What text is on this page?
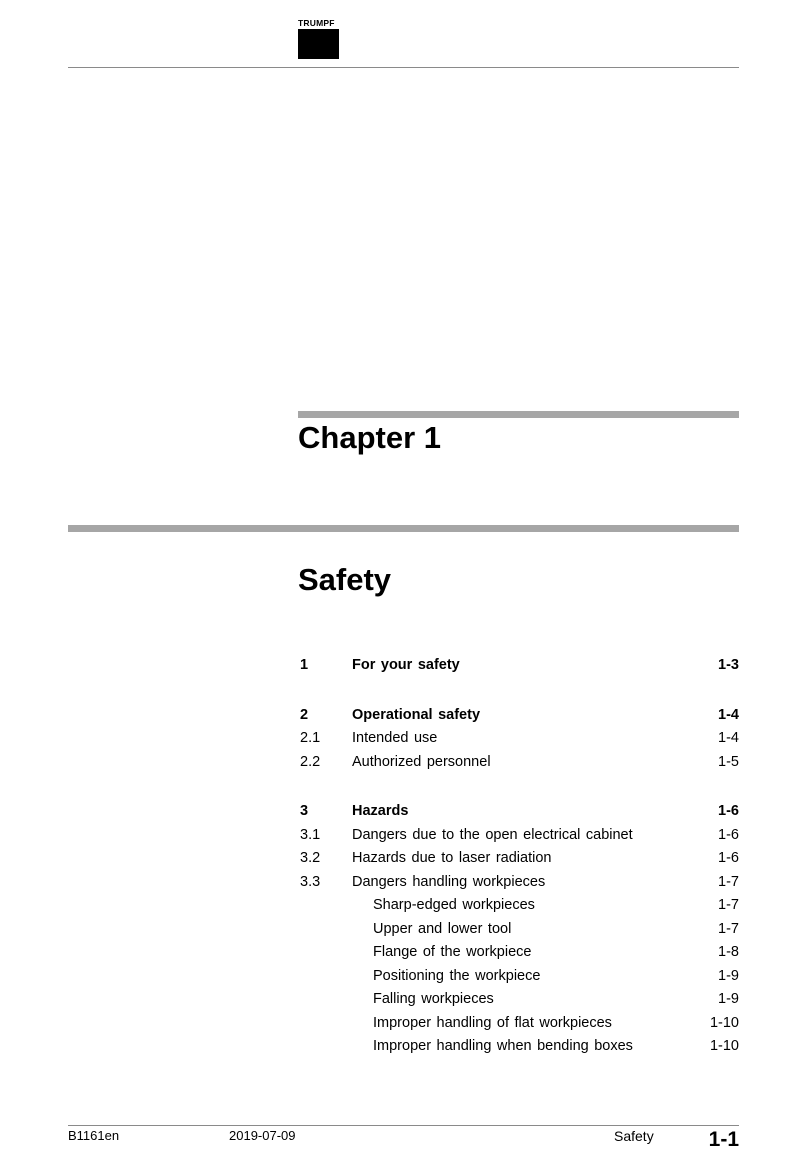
TRUMPF
Chapter 1
Safety
1	For your safety	1-3
2	Operational safety	1-4
2.1 Intended use	1-4
2.2 Authorized personnel	1-5
3	Hazards	1-6
3.1 Dangers due to the open electrical cabinet	1-6
3.2 Hazards due to laser radiation	1-6
3.3 Dangers handling workpieces	1-7
Sharp-edged workpieces	1-7
Upper and lower tool	1-7
Flange of the workpiece	1-8
Positioning the workpiece	1-9
Falling workpieces	1-9
Improper handling of flat workpieces	1-10
Improper handling when bending boxes	1-10
B1161en	2019-07-09	Safety	1-1
